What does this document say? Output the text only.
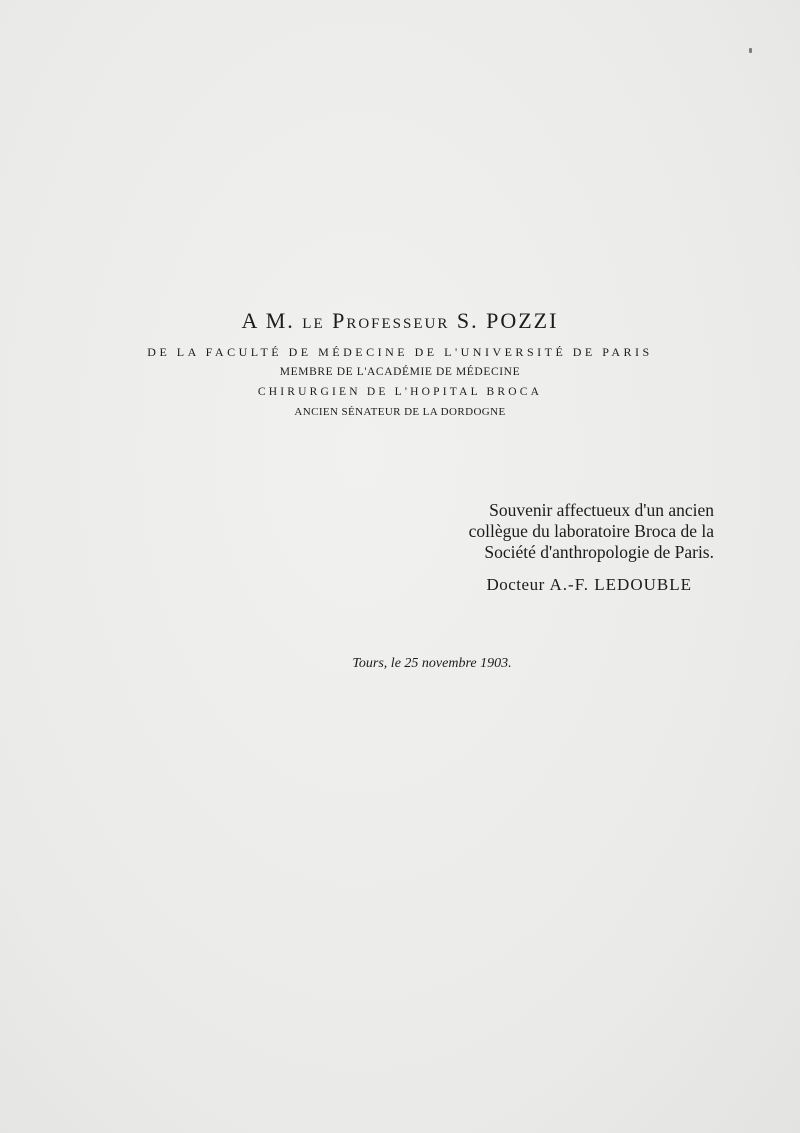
A M. le Professeur S. POZZI
DE LA FACULTÉ DE MÉDECINE DE L'UNIVERSITÉ DE PARIS
MEMBRE DE L'ACADÉMIE DE MÉDECINE
CHIRURGIEN DE L'HOPITAL BROCA
ANCIEN SÉNATEUR DE LA DORDOGNE
Souvenir affectueux d'un ancien
collègue du laboratoire Broca de la
Société d'anthropologie de Paris.
Docteur A.-F. LEDOUBLE
Tours, le 25 novembre 1903.
